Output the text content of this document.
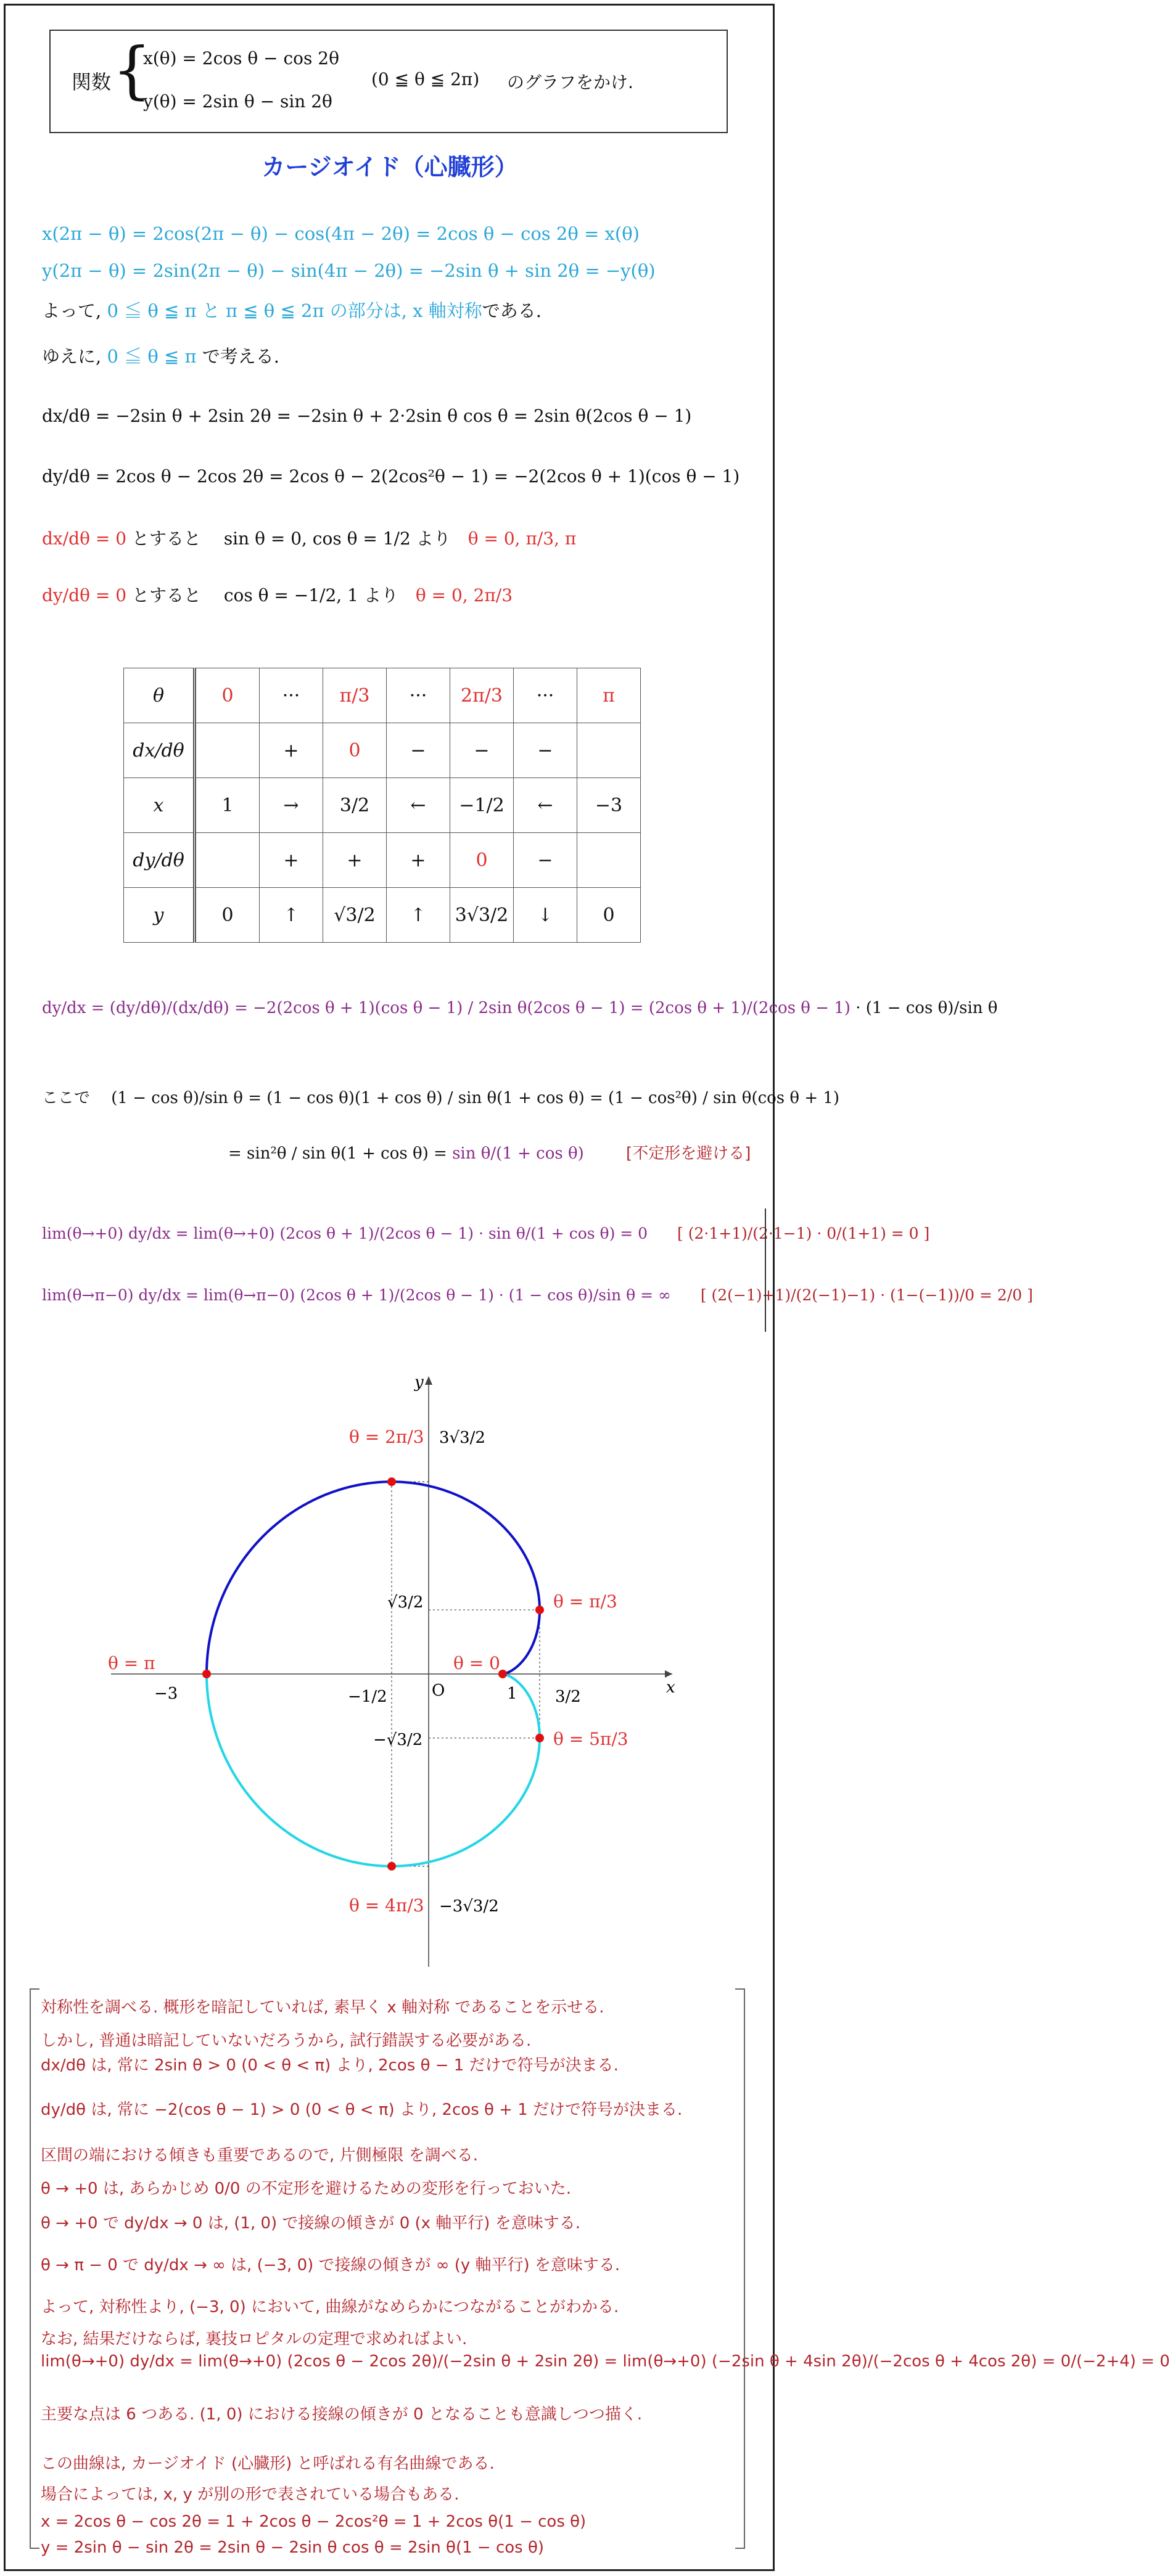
関数 {
x(θ) = 2cos θ − cos 2θ
y(θ) = 2sin θ − sin 2θ
(0 ≦ θ ≦ 2π) のグラフをかけ.
カージオイド（心臓形）
x(2π − θ) = 2cos(2π − θ) − cos(4π − 2θ) = 2cos θ − cos 2θ = x(θ)
y(2π − θ) = 2sin(2π − θ) − sin(4π − 2θ) = −2sin θ + sin 2θ = −y(θ)
よって, 0 ≦ θ ≦ π と π ≦ θ ≦ 2π の部分は, x 軸対称である.
ゆえに, 0 ≦ θ ≦ π で考える.
dx/dθ = −2sin θ + 2sin 2θ = −2sin θ + 2·2sin θ cos θ = 2sin θ(2cos θ − 1)
dy/dθ = 2cos θ − 2cos 2θ = 2cos θ − 2(2cos²θ − 1) = −2(2cos θ + 1)(cos θ − 1)
dx/dθ = 0 とすると　 sin θ = 0, cos θ = 1/2 より　θ = 0, π/3, π
dy/dθ = 0 とすると　 cos θ = −1/2, 1 より　θ = 0, 2π/3
θ	0	···	π/3	···	2π/3	···	π
dx/dθ		+	0	−	−	−	
x	1	→	3/2	←	−1/2	←	−3
dy/dθ		+	+	+	0	−	
y	0	↑	√3/2	↑	3√3/2	↓	0
dy/dx = (dy/dθ)/(dx/dθ) = −2(2cos θ + 1)(cos θ − 1) / 2sin θ(2cos θ − 1) = (2cos θ + 1)/(2cos θ − 1) · (1 − cos θ)/sin θ
ここで　 (1 − cos θ)/sin θ = (1 − cos θ)(1 + cos θ) / sin θ(1 + cos θ) = (1 − cos²θ) / sin θ(cos θ + 1)
= sin²θ / sin θ(1 + cos θ) = sin θ/(1 + cos θ)	[不定形を避ける]
lim(θ→+0) dy/dx = lim(θ→+0) (2cos θ + 1)/(2cos θ − 1) · sin θ/(1 + cos θ) = 0 [ (2·1+1)/(2·1−1) · 0/(1+1) = 0 ]
lim(θ→π−0) dy/dx = lim(θ→π−0) (2cos θ + 1)/(2cos θ − 1) · (1 − cos θ)/sin θ = ∞ [ (2(−1)+1)/(2(−1)−1) · (1−(−1))/0 = 2/0 ]
x
y
O
θ = 2π/3 3√3/2
θ = π/3
√3/2
θ = 0
1
θ = π
−3	−1/2	3/2
θ = 5π/3
−√3/2
θ = 4π/3 −3√3/2
対称性を調べる. 概形を暗記していれば, 素早く x 軸対称 であることを示せる.
しかし, 普通は暗記していないだろうから, 試行錯誤する必要がある.
dx/dθ は, 常に 2sin θ > 0 (0 < θ < π) より, 2cos θ − 1 だけで符号が決まる.
dy/dθ は, 常に −2(cos θ − 1) > 0 (0 < θ < π) より, 2cos θ + 1 だけで符号が決まる.
区間の端における傾きも重要であるので, 片側極限 を調べる.
θ → +0 は, あらかじめ 0/0 の不定形を避けるための変形を行っておいた.
θ → +0 で dy/dx → 0 は, (1, 0) で接線の傾きが 0 (x 軸平行) を意味する.
θ → π − 0 で dy/dx → ∞ は, (−3, 0) で接線の傾きが ∞ (y 軸平行) を意味する.
よって, 対称性より, (−3, 0) において, 曲線がなめらかにつながることがわかる.
なお, 結果だけならば, 裏技ロピタルの定理で求めればよい.
lim(θ→+0) dy/dx = lim(θ→+0) (2cos θ − 2cos 2θ)/(−2sin θ + 2sin 2θ) = lim(θ→+0) (−2sin θ + 4sin 2θ)/(−2cos θ + 4cos 2θ) = 0/(−2+4) = 0
主要な点は 6 つある. (1, 0) における接線の傾きが 0 となることも意識しつつ描く.
この曲線は, カージオイド (心臓形) と呼ばれる有名曲線である.
場合によっては, x, y が別の形で表されている場合もある.
x = 2cos θ − cos 2θ = 1 + 2cos θ − 2cos²θ = 1 + 2cos θ(1 − cos θ)
y = 2sin θ − sin 2θ = 2sin θ − 2sin θ cos θ = 2sin θ(1 − cos θ)
